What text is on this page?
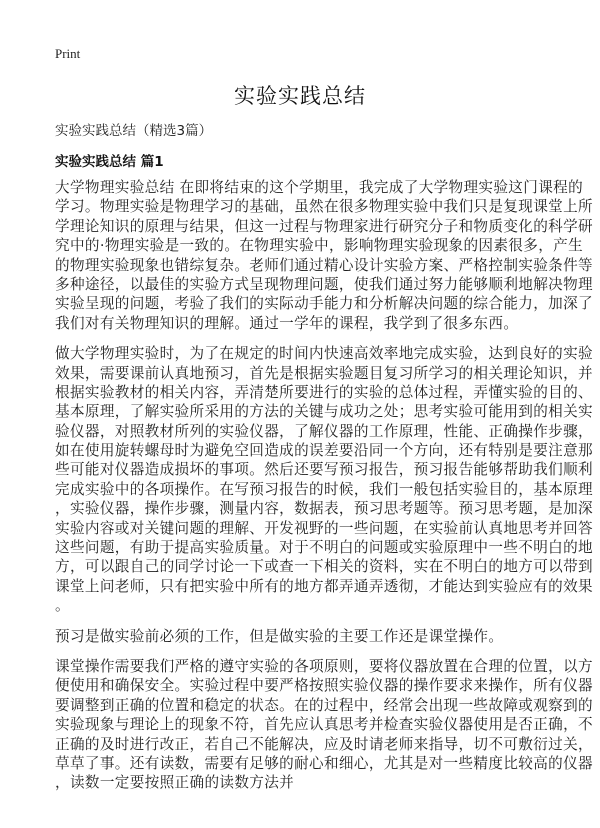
Print
实验实践总结
实验实践总结（精选3篇）
实验实践总结 篇1
大学物理实验总结 在即将结束的这个学期里，我完成了大学物理实验这门课程的
学习。物理实验是物理学习的基础，虽然在很多物理实验中我们只是复现课堂上所
学理论知识的原理与结果，但这一过程与物理家进行研究分子和物质变化的科学研
究中的·物理实验是一致的。在物理实验中，影响物理实验现象的因素很多，产生
的物理实验现象也错综复杂。老师们通过精心设计实验方案、严格控制实验条件等
多种途径，以最佳的实验方式呈现物理问题，使我们通过努力能够顺利地解决物理
实验呈现的问题，考验了我们的实际动手能力和分析解决问题的综合能力，加深了
我们对有关物理知识的理解。通过一学年的课程，我学到了很多东西。
做大学物理实验时，为了在规定的时间内快速高效率地完成实验，达到良好的实验
效果，需要课前认真地预习，首先是根据实验题目复习所学习的相关理论知识，并
根据实验教材的相关内容，弄清楚所要进行的实验的总体过程，弄懂实验的目的、
基本原理，了解实验所采用的方法的关键与成功之处；思考实验可能用到的相关实
验仪器，对照教材所列的实验仪器，了解仪器的工作原理，性能、正确操作步骤，
如在使用旋转螺母时为避免空回造成的误差要沿同一个方向，还有特别是要注意那
些可能对仪器造成损坏的事项。然后还要写预习报告，预习报告能够帮助我们顺利
完成实验中的各项操作。在写预习报告的时候，我们一般包括实验目的，基本原理
，实验仪器，操作步骤，测量内容，数据表，预习思考题等。预习思考题，是加深
实验内容或对关键问题的理解、开发视野的一些问题，在实验前认真地思考并回答
这些问题，有助于提高实验质量。对于不明白的问题或实验原理中一些不明白的地
方，可以跟自己的同学讨论一下或查一下相关的资料，实在不明白的地方可以带到
课堂上问老师，只有把实验中所有的地方都弄通弄透彻，才能达到实验应有的效果
。
预习是做实验前必须的工作，但是做实验的主要工作还是课堂操作。
课堂操作需要我们严格的遵守实验的各项原则，要将仪器放置在合理的位置，以方
便使用和确保安全。实验过程中要严格按照实验仪器的操作要求来操作，所有仪器
要调整到正确的位置和稳定的状态。在的过程中，经常会出现一些故障或观察到的
实验现象与理论上的现象不符，首先应认真思考并检查实验仪器使用是否正确，不
正确的及时进行改正，若自己不能解决，应及时请老师来指导，切不可敷衍过关，
草草了事。还有读数，需要有足够的耐心和细心，尤其是对一些精度比较高的仪器
，读数一定要按照正确的读数方法并
